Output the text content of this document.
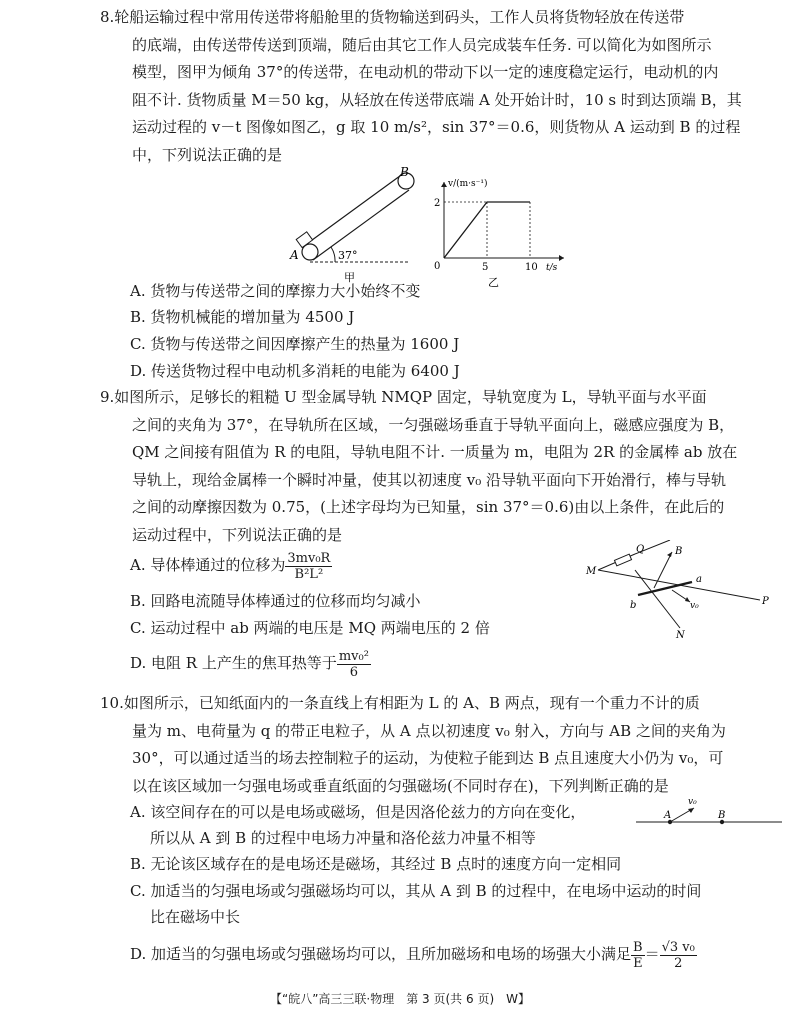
8.轮船运输过程中常用传送带将船舱里的货物输送到码头，工作人员将货物轻放在传送带
的底端，由传送带传送到顶端，随后由其它工作人员完成装车任务. 可以简化为如图所示
模型，图甲为倾角 37°的传送带，在电动机的带动下以一定的速度稳定运行，电动机的内
阻不计. 货物质量 M＝50 kg，从轻放在传送带底端 A 处开始计时，10 s 时到达顶端 B，其
运动过程的 v－t 图像如图乙，g 取 10 m/s²，sin 37°＝0.6，则货物从 A 运动到 B 的过程
中，下列说法正确的是
B
A	37°
甲
v/(m·s⁻¹)
t/s
2
0	5	10
乙
A. 货物与传送带之间的摩擦力大小始终不变
B. 货物机械能的增加量为 4500 J
C. 货物与传送带之间因摩擦产生的热量为 1600 J
D. 传送货物过程中电动机多消耗的电能为 6400 J
9.如图所示，足够长的粗糙 U 型金属导轨 NMQP 固定，导轨宽度为 L，导轨平面与水平面
之间的夹角为 37°，在导轨所在区域，一匀强磁场垂直于导轨平面向上，磁感应强度为 B，
QM 之间接有阻值为 R 的电阻，导轨电阻不计. 一质量为 m，电阻为 2R 的金属棒 ab 放在
导轨上，现给金属棒一个瞬时冲量，使其以初速度 v₀ 沿导轨平面向下开始滑行，棒与导轨
之间的动摩擦因数为 0.75，(上述字母均为已知量，sin 37°＝0.6)由以上条件，在此后的
运动过程中，下列说法正确的是
A. 导体棒通过的位移为 $\frac{\text{3mv₀R}}{\text{B²L²}}$
B. 回路电流随导体棒通过的位移而均匀减小
C. 运动过程中 ab 两端的电压是 MQ 两端电压的 2 倍
D. 电阻 R 上产生的焦耳热等于 $\frac{\text{mv₀²}}{6}$
Q
M
B
a
b	v₀	P
N
10.如图所示，已知纸面内的一条直线上有相距为 L 的 A、B 两点，现有一个重力不计的质
量为 m、电荷量为 q 的带正电粒子，从 A 点以初速度 v₀ 射入，方向与 AB 之间的夹角为
30°，可以通过适当的场去控制粒子的运动，为使粒子能到达 B 点且速度大小仍为 v₀，可
以在该区域加一匀强电场或垂直纸面的匀强磁场(不同时存在)，下列判断正确的是
A. 该空间存在的可以是电场或磁场，但是因洛伦兹力的方向在变化，
所以从 A 到 B 的过程中电场力冲量和洛伦兹力冲量不相等
B. 无论该区域存在的是电场还是磁场，其经过 B 点时的速度方向一定相同
C. 加适当的匀强电场或匀强磁场均可以，其从 A 到 B 的过程中，在电场中运动的时间
比在磁场中长
D. 加适当的匀强电场或匀强磁场均可以，且所加磁场和电场的场强大小满足 $\frac{B}{E} = \frac{\text{√3 v₀}}{2}$
v₀
A	B
【“皖八”高三三联·物理　第 3 页(共 6 页)　W】
